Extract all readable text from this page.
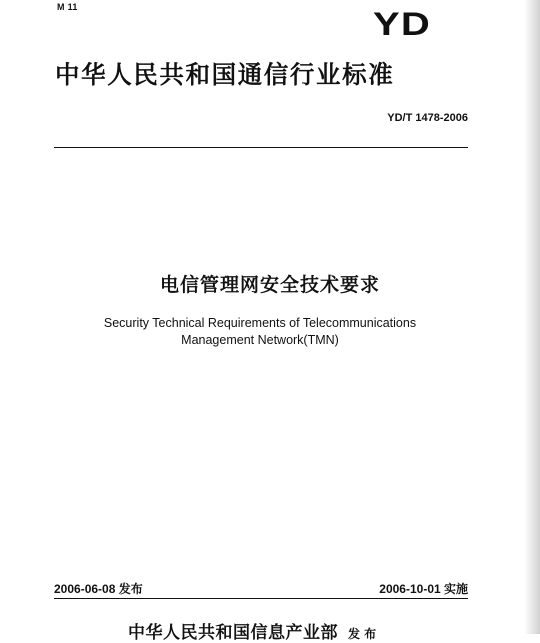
M 11	YD
中华人民共和国通信行业标准
YD/T 1478-2006
电信管理网安全技术要求
Security Technical Requirements of Telecommunications
Management Network(TMN)
2006-06-08 发布	2006-10-01 实施
中华人民共和国信息产业部 发 布
